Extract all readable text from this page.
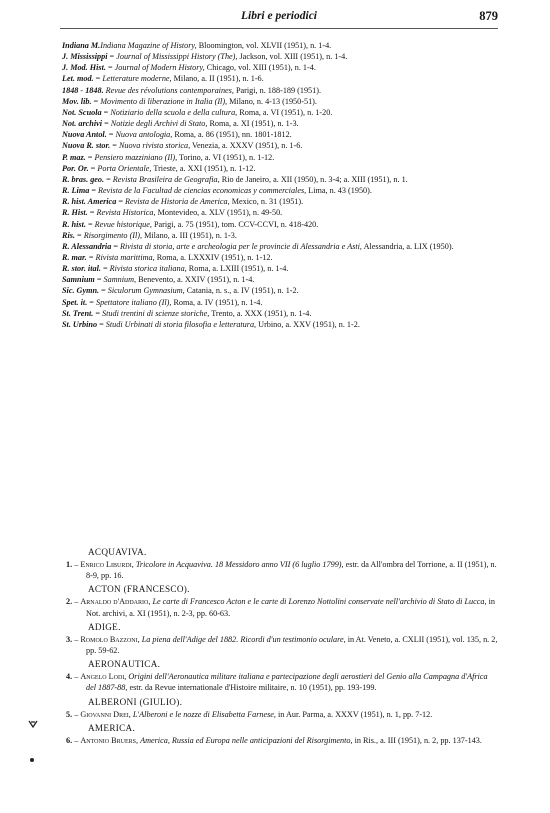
Libri e periodici	879
Indiana M.Indiana Magazine of History, Bloomington, vol. XLVII (1951), n. 1-4.
J. Mississippi = Journal of Mississippi History (The), Jackson, vol. XIII (1951), n. 1-4.
J. Mod. Hist. = Journal of Modern History, Chicago, vol. XIII (1951), n. 1-4.
Let. mod. = Letterature moderne, Milano, a. II (1951), n. 1-6.
1848 - 1848. Revue des révolutions contemporaines, Parigi, n. 188-189 (1951).
Mov. lib. = Movimento di liberazione in Italia (Il), Milano, n. 4-13 (1950-51).
Not. Scuola = Notiziario della scuola e della cultura, Roma, a. VI (1951), n. 1-20.
Not. archivi = Notizie degli Archivi di Stato, Roma, a. XI (1951), n. 1-3.
Nuova Antol. = Nuova antologia, Roma, a. 86 (1951), nn. 1801-1812.
Nuova R. stor. = Nuova rivista storica, Venezia, a. XXXV (1951), n. 1-6.
P. maz. = Pensiero mazziniano (Il), Torino, a. VI (1951), n. 1-12.
Por. Or. = Porta Orientale, Trieste, a. XXI (1951), n. 1-12.
R. bras. geo. = Revista Brasileira de Geografia, Rio de Janeiro, a. XII (1950), n. 3-4; a. XIII (1951), n. 1.
R. Lima = Revista de la Facultad de ciencias economicas y commerciales, Lima, n. 43 (1950).
R. hist. America = Revista de Historia de America, Mexico, n. 31 (1951).
R. Hist. = Revista Historica, Montevideo, a. XLV (1951), n. 49-50.
R. hist. = Revue historique, Parigi, a. 75 (1951), tom. CCV-CCVI, n. 418-420.
Ris. = Risorgimento (Il), Milano, a. III (1951), n. 1-3.
R. Alessandria = Rivista di storia, arte e archeologia per le provincie di Alessandria e Asti, Alessandria, a. LIX (1950).
R. mar. = Rivista marittima, Roma, a. LXXXIV (1951), n. 1-12.
R. stor. ital. = Rivista storica italiana, Roma, a. LXIII (1951), n. 1-4.
Samnium = Samnium, Benevento, a. XXIV (1951), n. 1-4.
Sic. Gymn. = Siculorum Gymnasium, Catania, n. s., a. IV (1951), n. 1-2.
Spet. it. = Spettatore italiano (Il), Roma, a. IV (1951), n. 1-4.
St. Trent. = Studi trentini di scienze storiche, Trento, a. XXX (1951), n. 1-4.
St. Urbino = Studi Urbinati di storia filosofia e letteratura, Urbino, a. XXV (1951), n. 1-2.
ACQUAVIVA.
1. – Enrico Liburdi, Tricolore in Acquaviva. 18 Messidoro anno VII (6 luglio 1799), estr. da All'ombra del Torrione, a. II (1951), n. 8-9, pp. 16.
ACTON (FRANCESCO).
2. – Arnaldo d'Addario, Le carte di Francesco Acton e le carte di Lorenzo Nottolini conservate nell'archivio di Stato di Lucca, in Not. archivi, a. XI (1951), n. 2-3, pp. 60-63.
ADIGE.
3. – Romolo Bazzoni, La piena dell'Adige del 1882. Ricordi d'un testimonio oculare, in At. Veneto, a. CXLII (1951), vol. 135, n. 2, pp. 59-62.
AERONAUTICA.
4. – Angelo Lodi, Origini dell'Aeronautica militare italiana e partecipazione degli aerostieri del Genio alla Campagna d'Africa del 1887-88, estr. da Revue internationale d'Histoire militaire, n. 10 (1951), pp. 193-199.
ALBERONI (GIULIO).
5. – Giovanni Drei, L'Alberoni e le nozze di Elisabetta Farnese, in Aur. Parma, a. XXXV (1951), n. 1, pp. 7-12.
AMERICA.
6. – Antonio Bruers, America, Russia ed Europa nelle anticipazioni del Risorgimento, in Ris., a. III (1951), n. 2, pp. 137-143.
